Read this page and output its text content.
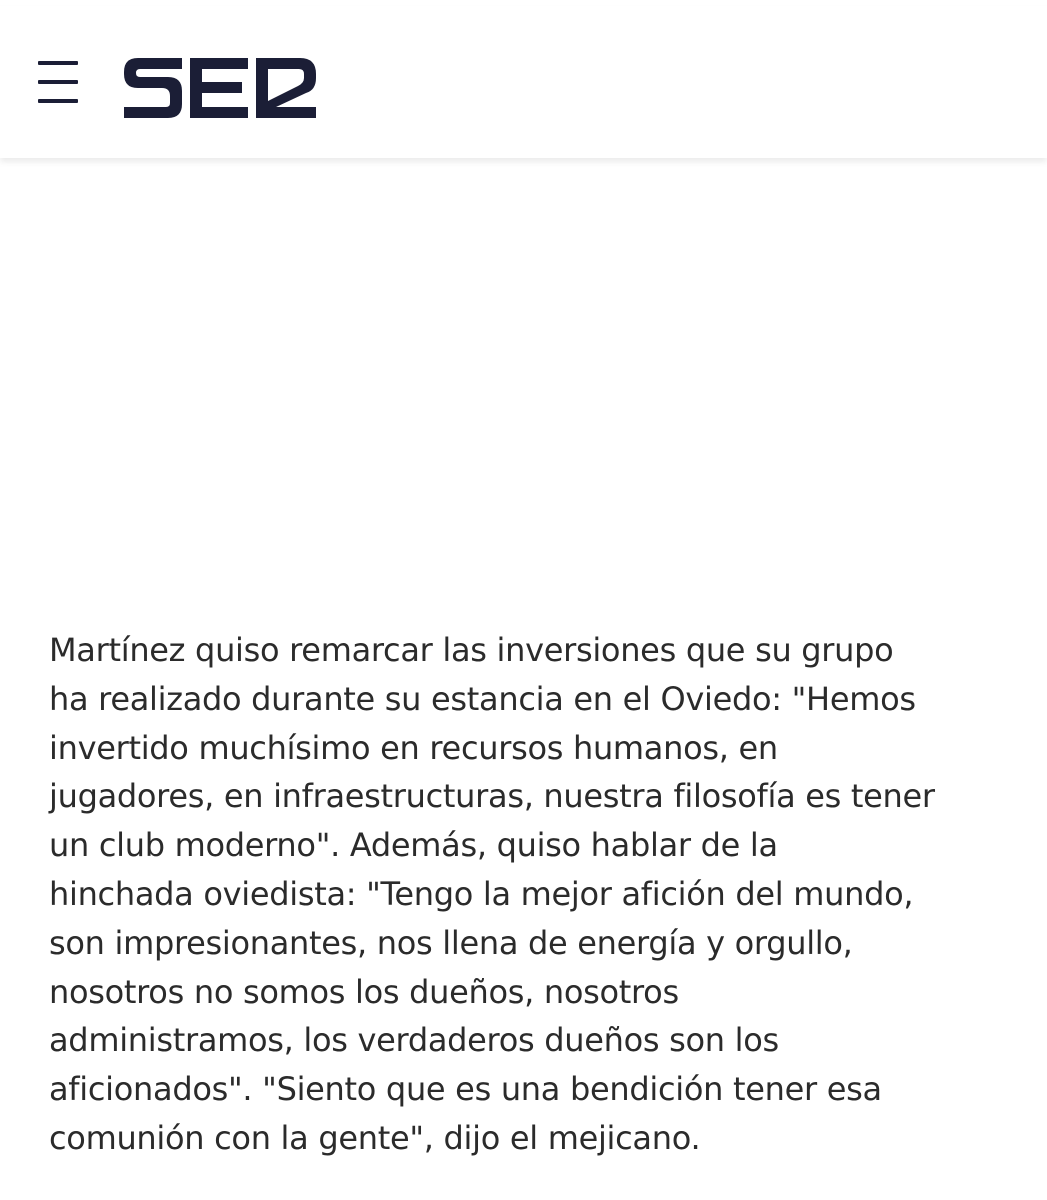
Martínez quiso remarcar las inversiones que su grupo
ha realizado durante su estancia en el Oviedo: "Hemos
invertido muchísimo en recursos humanos, en
jugadores, en infraestructuras, nuestra filosofía es tener
un club moderno". Además, quiso hablar de la
hinchada oviedista: "Tengo la mejor afición del mundo,
son impresionantes, nos llena de energía y orgullo,
nosotros no somos los dueños, nosotros
administramos, los verdaderos dueños son los
aficionados". "Siento que es una bendición tener esa
comunión con la gente", dijo el mejicano.
